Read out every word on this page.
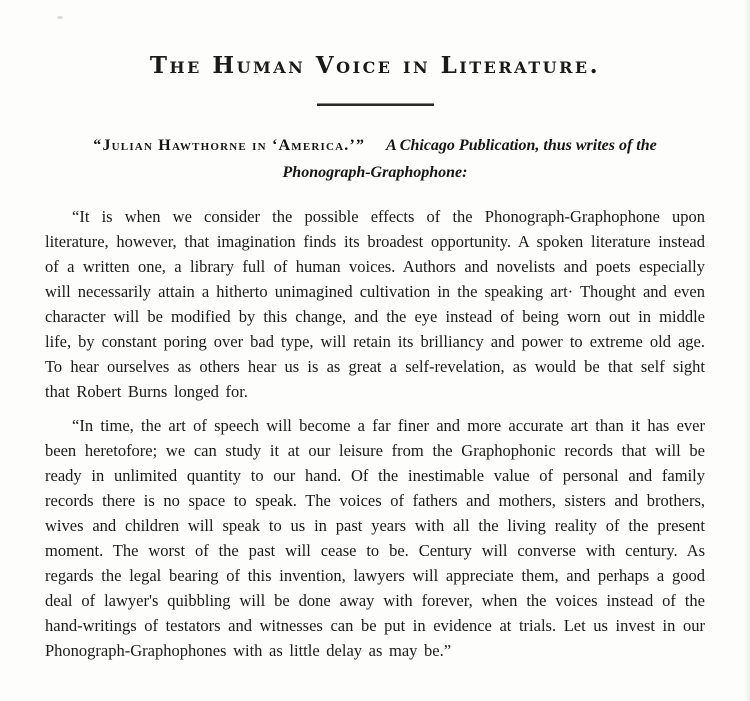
The Human Voice in Literature.
“Julian Hawthorne in ‘America.’” A Chicago Publication, thus writes of the
Phonograph-Graphophone:

“It is when we consider the possible effects of the Phonograph-Graphophone upon literature, however, that imagination finds its broadest opportunity. A spoken literature instead of a written one, a library full of human voices. Authors and novelists and poets especially will necessarily attain a hitherto unimagined cultivation in the speaking art· Thought and even character will be modified by this change, and the eye instead of being worn out in middle life, by constant poring over bad type, will retain its brilliancy and power to extreme old age. To hear ourselves as others hear us is as great a self-revelation, as would be that self sight that Robert Burns longed for.

“In time, the art of speech will become a far finer and more accurate art than it has ever been heretofore; we can study it at our leisure from the Graphophonic records that will be ready in unlimited quantity to our hand. Of the inestimable value of personal and family records there is no space to speak. The voices of fathers and mothers, sisters and brothers, wives and children will speak to us in past years with all the living reality of the present moment. The worst of the past will cease to be. Century will converse with century. As regards the legal bearing of this invention, lawyers will appreciate them, and perhaps a good deal of lawyer's quibbling will be done away with forever, when the voices instead of the hand-writings of testators and witnesses can be put in evidence at trials. Let us invest in our Phonograph-Graphophones with as little delay as may be.”
